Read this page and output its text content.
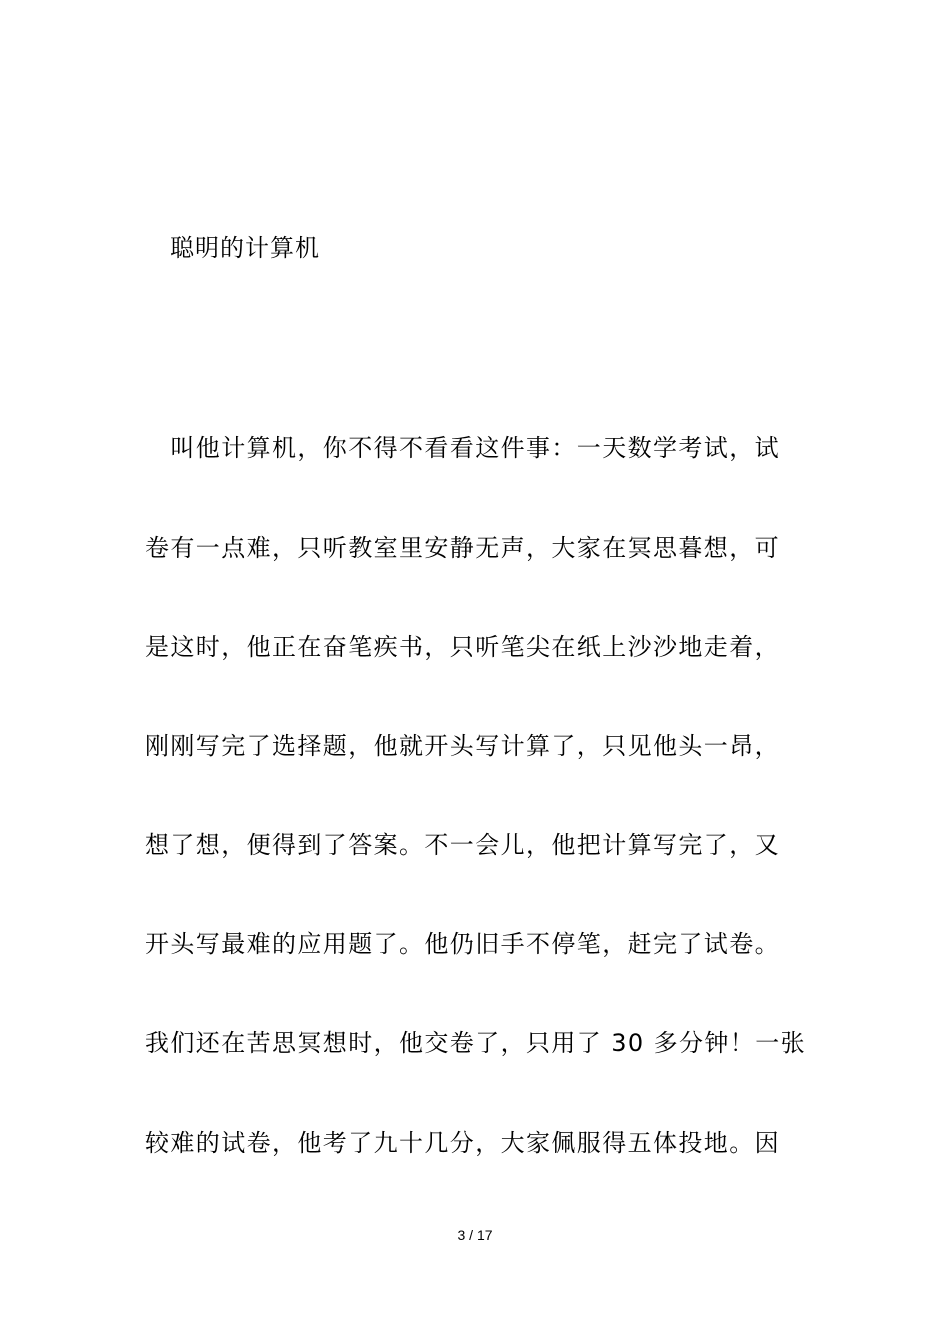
聪明的计算机
　叫他计算机，你不得不看看这件事：一天数学考试，试
卷有一点难，只听教室里安静无声，大家在冥思暮想，可
是这时，他正在奋笔疾书，只听笔尖在纸上沙沙地走着，
刚刚写完了选择题，他就开头写计算了，只见他头一昂，
想了想，便得到了答案。不一会儿，他把计算写完了，又
开头写最难的应用题了。他仍旧手不停笔，赶完了试卷。
我们还在苦思冥想时，他交卷了，只用了 30 多分钟！一张
较难的试卷，他考了九十几分，大家佩服得五体投地。因
3 / 17
